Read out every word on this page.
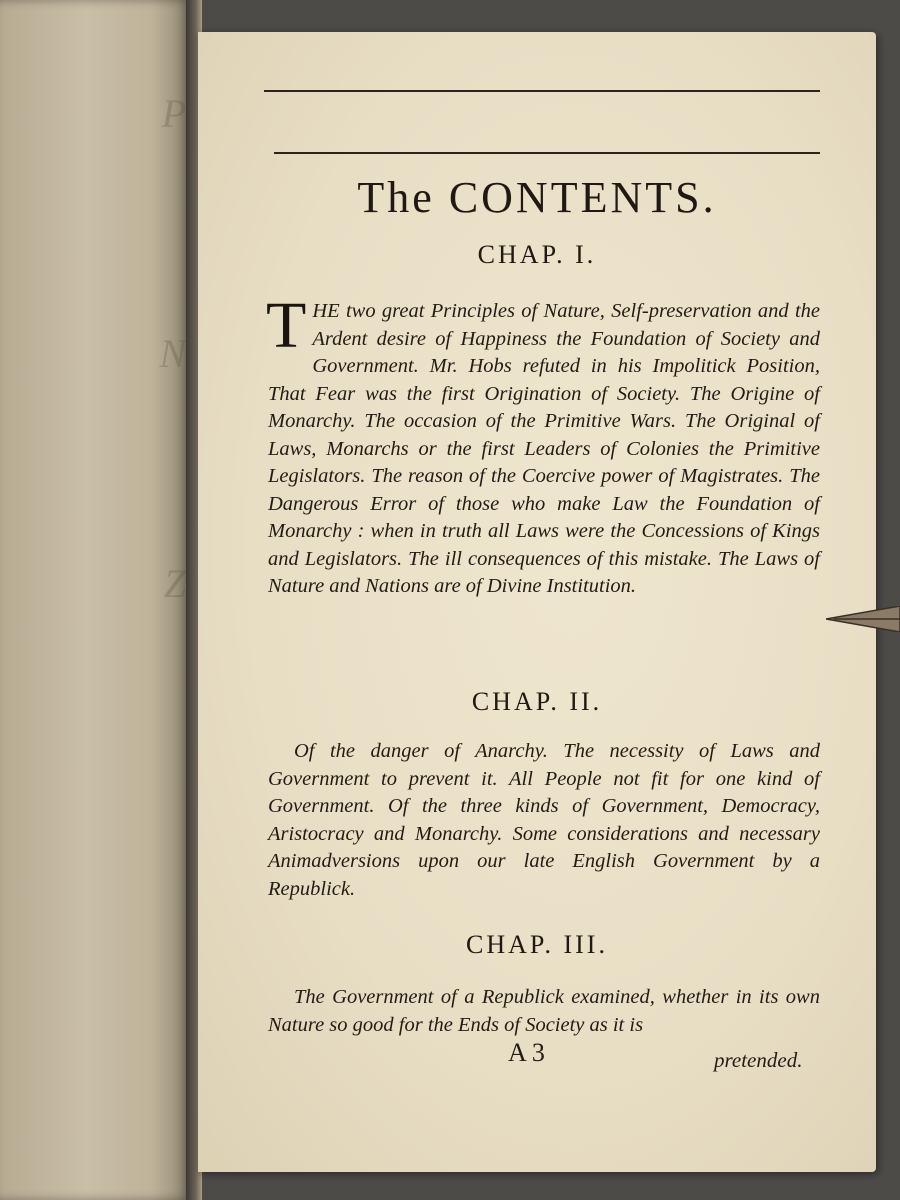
P
N
Z
The CONTENTS.
CHAP. I.
THE two great Principles of Nature, Self-preservation and the Ardent desire of Happiness the Foundation of Society and Government. Mr. Hobs refuted in his Impolitick Position, That Fear was the first Origination of Society. The Origine of Monarchy. The occasion of the Primitive Wars. The Original of Laws, Monarchs or the first Leaders of Colonies the Primitive Legislators. The reason of the Coercive power of Magistrates. The Dangerous Error of those who make Law the Foundation of Monarchy : when in truth all Laws were the Concessions of Kings and Legislators. The ill consequences of this mistake. The Laws of Nature and Nations are of Divine Institution.
CHAP. II.
Of the danger of Anarchy. The necessity of Laws and Government to prevent it. All People not fit for one kind of Government. Of the three kinds of Government, Democracy, Aristocracy and Monarchy. Some considerations and necessary Animadversions upon our late English Government by a Republick.
CHAP. III.
The Government of a Republick examined, whether in its own Nature so good for the Ends of Society as it is
A 3	pretended.
